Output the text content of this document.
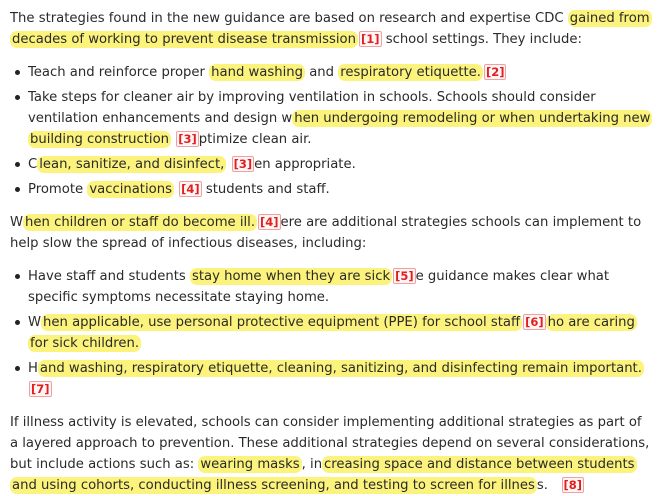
The strategies found in the new guidance are based on research and expertise CDC gained from decades of working to prevent disease transmission [1] school settings. They include:

Teach and reinforce proper hand washing and respiratory etiquette. [2]
Take steps for cleaner air by improving ventilation in schools. Schools should consider ventilation enhancements and design w hen undergoing remodeling or when undertaking new building construction [3] ptimize clean air.
C lean, sanitize, and disinfect, [3] en appropriate.
Promote vaccinations [4] students and staff.

W hen children or staff do become ill. [4] ere are additional strategies schools can implement to help slow the spread of infectious diseases, including:

Have staff and students stay home when they are sick [5] e guidance makes clear what specific symptoms necessitate staying home.
W hen applicable, use personal protective equipment (PPE) for school staff [6] ho are caring for sick children.
H and washing, respiratory etiquette, cleaning, sanitizing, and disinfecting remain important.[7]

If illness activity is elevated, schools can consider implementing additional strategies as part of a layered approach to prevention. These additional strategies depend on several considerations, but include actions such as: wearing masks , in creasing space and distance between students and using cohorts, conducting illness screening, and testing to screen for illnes s. [8]
